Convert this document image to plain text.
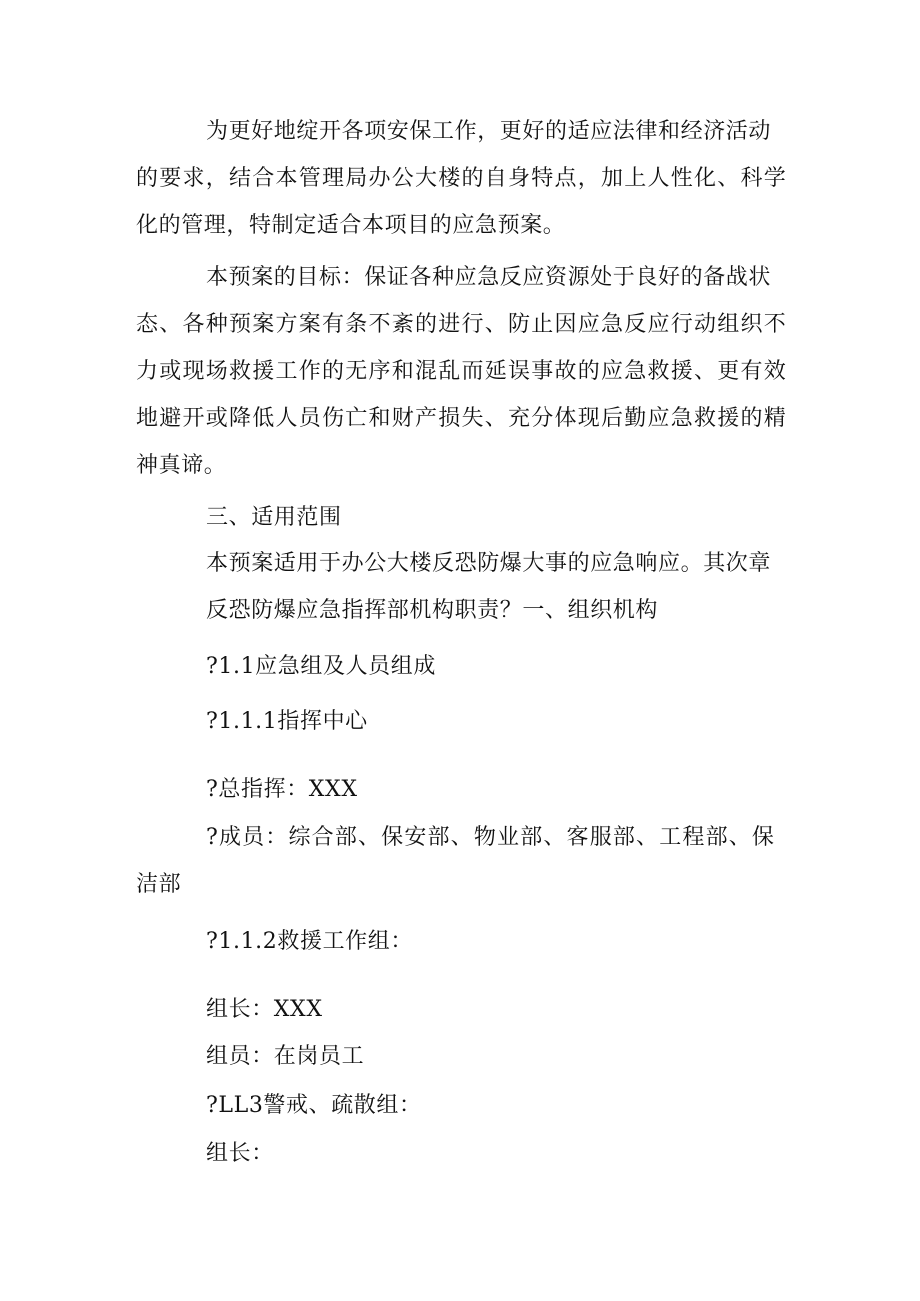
为更好地绽开各项安保工作，更好的适应法律和经济活动
的 要 求 ， 结 合 本 管 理 局 办 公 大 楼 的 自 身 特 点 ， 加 上 人 性 化 、 科 学
化的管理，特制定适合本项目的应急预案。
本预案的目标：保证各种应急反应资源处于良好的备战状
态 、 各 种 预 案 方 案 有 条 不 紊 的 进 行 、 防 止 因 应 急 反 应 行 动 组 织 不
力 或 现 场 救 援 工 作 的 无 序 和 混 乱 而 延 误 事 故 的 应 急 救 援 、 更 有 效
地 避 开 或 降 低 人 员 伤 亡 和 财 产 损 失 、 充 分 体 现 后 勤 应 急 救 援 的 精
神真谛。
三、适用范围
本预案适用于办公大楼反恐防爆大事的应急响应。其次章
反恐防爆应急指挥部机构职责？一、组织机构
?1.1应急组及人员组成
?1.1.1指挥中心
?总指挥：XXX
? 成 员 ： 综 合 部 、 保 安 部 、 物 业 部 、 客 服 部 、 工 程 部 、 保
洁部
?1.1.2救援工作组：
组长：XXX
组员：在岗员工
?LL3警戒、疏散组：
组长：
